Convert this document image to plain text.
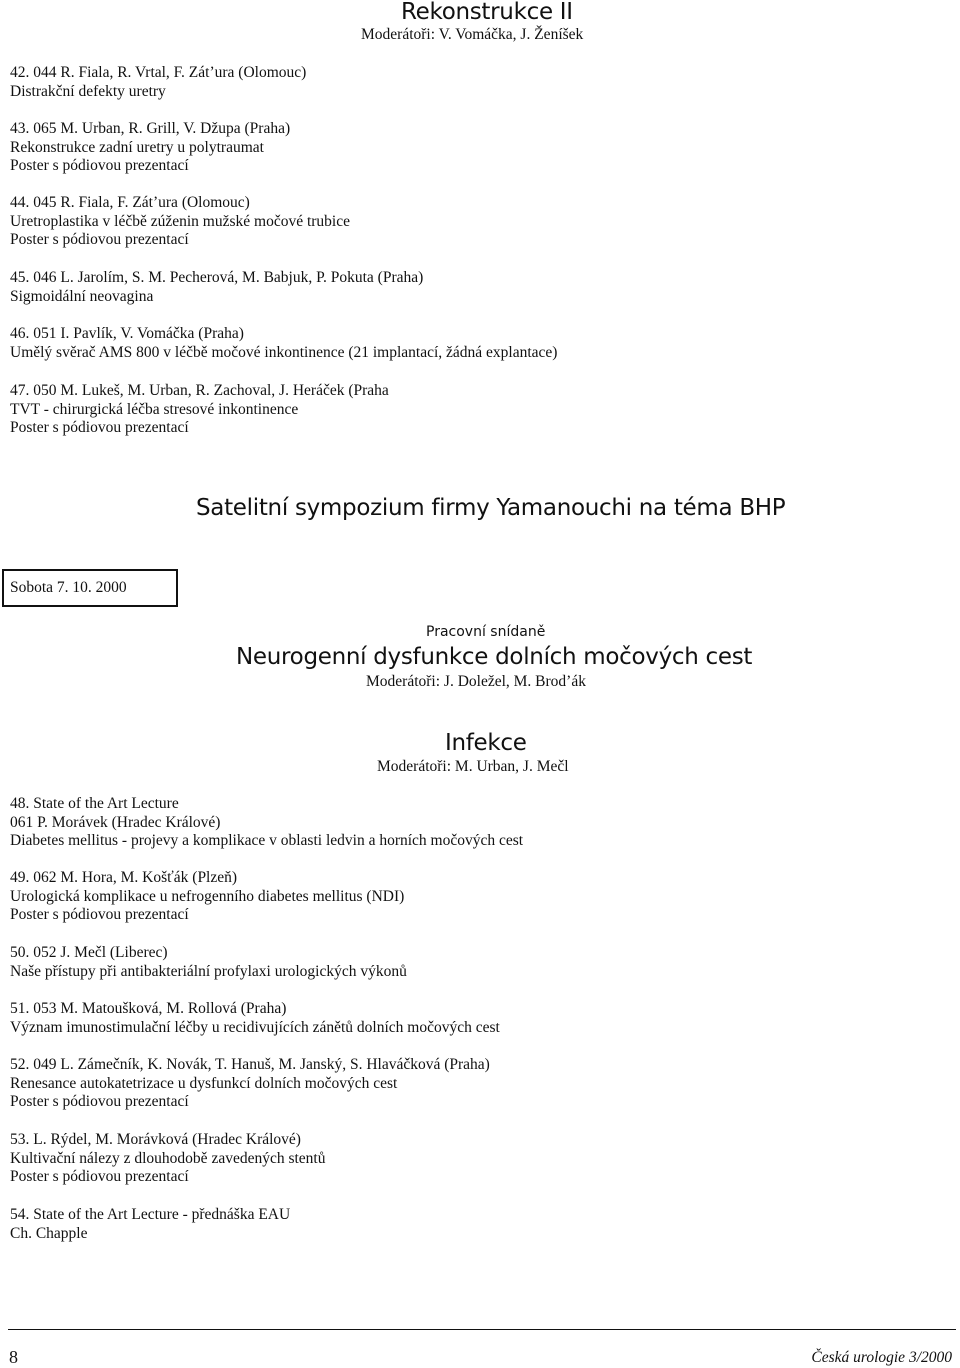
Rekonstrukce II
Moderátoři: V. Vomáčka, J. Ženíšek
42. 044 R. Fiala, R. Vrtal, F. Zát’ura (Olomouc)
Distrakční defekty uretry
43. 065 M. Urban, R. Grill, V. Džupa (Praha)
Rekonstrukce zadní uretry u polytraumat
Poster s pódiovou prezentací
44. 045 R. Fiala, F. Zát’ura (Olomouc)
Uretroplastika v léčbě zúženin mužské močové trubice
Poster s pódiovou prezentací
45. 046 L. Jarolím, S. M. Pecherová, M. Babjuk, P. Pokuta (Praha)
Sigmoidální neovagina
46. 051 I. Pavlík, V. Vomáčka (Praha)
Umělý svěrač AMS 800 v léčbě močové inkontinence (21 implantací, žádná explantace)
47. 050 M. Lukeš, M. Urban, R. Zachoval, J. Heráček (Praha
TVT - chirurgická léčba stresové inkontinence
Poster s pódiovou prezentací
Satelitní sympozium firmy Yamanouchi na téma BHP
Sobota 7. 10. 2000
Pracovní snídaně
Neurogenní dysfunkce dolních močových cest
Moderátoři: J. Doležel, M. Brod’ák
Infekce
Moderátoři: M. Urban, J. Mečl
48. State of the Art Lecture
061 P. Morávek (Hradec Králové)
Diabetes mellitus - projevy a komplikace v oblasti ledvin a horních močových cest
49. 062 M. Hora, M. Košťák (Plzeň)
Urologická komplikace u nefrogenního diabetes mellitus (NDI)
Poster s pódiovou prezentací
50. 052 J. Mečl (Liberec)
Naše přístupy při antibakteriální profylaxi urologických výkonů
51. 053 M. Matoušková, M. Rollová (Praha)
Význam imunostimulační léčby u recidivujících zánětů dolních močových cest
52. 049 L. Zámečník, K. Novák, T. Hanuš, M. Janský, S. Hlaváčková (Praha)
Renesance autokatetrizace u dysfunkcí dolních močových cest
Poster s pódiovou prezentací
53. L. Rýdel, M. Morávková (Hradec Králové)
Kultivační nálezy z dlouhodobě zavedených stentů
Poster s pódiovou prezentací
54. State of the Art Lecture - přednáška EAU
Ch. Chapple
8	Česká urologie 3/2000
